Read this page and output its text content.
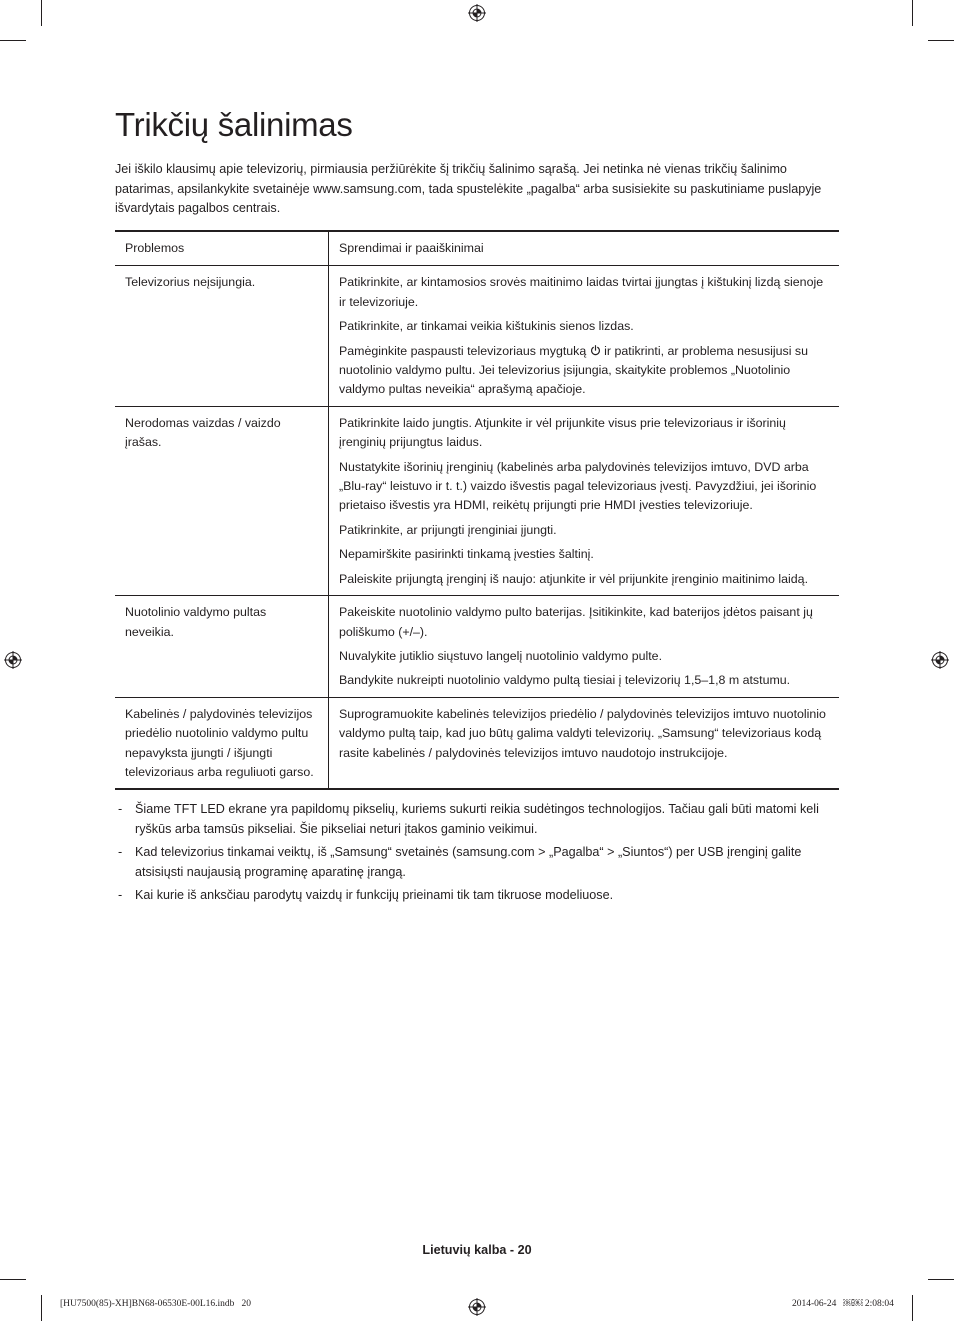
Trikčių šalinimas

Jei iškilo klausimų apie televizorių, pirmiausia peržiūrėkite šį trikčių šalinimo sąrašą. Jei netinka nė vienas trikčių šalinimo patarimas, apsilankykite svetainėje www.samsung.com, tada spustelėkite „pagalba“ arba susisiekite su paskutiniame puslapyje išvardytais pagalbos centrais.

Problemos	Sprendimai ir paaiškinimai
Televizorius neįsijungia.	Patikrinkite, ar kintamosios srovės maitinimo laidas tvirtai įjungtas į kištukinį lizdą sienoje ir televizoriuje.

Patikrinkite, ar tinkamai veikia kištukinis sienos lizdas.

Pamėginkite paspausti televizoriaus mygtuką ir patikrinti, ar problema nesusijusi su nuotolinio valdymo pultu. Jei televizorius įsijungia, skaitykite problemos „Nuotolinio valdymo pultas neveikia“ aprašymą apačioje.

Nerodomas vaizdas / vaizdo įrašas.	Patikrinkite laido jungtis. Atjunkite ir vėl prijunkite visus prie televizoriaus ir išorinių įrenginių prijungtus laidus.

Nustatykite išorinių įrenginių (kabelinės arba palydovinės televizijos imtuvo, DVD arba „Blu-ray“ leistuvo ir t. t.) vaizdo išvestis pagal televizoriaus įvestį. Pavyzdžiui, jei išorinio prietaiso išvestis yra HDMI, reikėtų prijungti prie HMDI įvesties televizoriuje.

Patikrinkite, ar prijungti įrenginiai įjungti.

Nepamirškite pasirinkti tinkamą įvesties šaltinį.

Paleiskite prijungtą įrenginį iš naujo: atjunkite ir vėl prijunkite įrenginio maitinimo laidą.

Nuotolinio valdymo pultas neveikia.	Pakeiskite nuotolinio valdymo pulto baterijas. Įsitikinkite, kad baterijos įdėtos paisant jų poliškumo (+/–).

Nuvalykite jutiklio siųstuvo langelį nuotolinio valdymo pulte.

Bandykite nukreipti nuotolinio valdymo pultą tiesiai į televizorių 1,5–1,8 m atstumu.

Kabelinės / palydovinės televizijos priedėlio nuotolinio valdymo pultu nepavyksta įjungti / išjungti televizoriaus arba reguliuoti garso.	Suprogramuokite kabelinės televizijos priedėlio / palydovinės televizijos imtuvo nuotolinio valdymo pultą taip, kad juo būtų galima valdyti televizorių. „Samsung“ televizoriaus kodą rasite kabelinės / palydovinės televizijos imtuvo naudotojo instrukcijoje.

- Šiame TFT LED ekrane yra papildomų pikselių, kuriems sukurti reikia sudėtingos technologijos. Tačiau gali būti matomi keli ryškūs arba tamsūs pikseliai. Šie pikseliai neturi įtakos gaminio veikimui.
- Kad televizorius tinkamai veiktų, iš „Samsung“ svetainės (samsung.com > „Pagalba“ > „Siuntos“) per USB įrenginį galite atsisiųsti naujausią programinę aparatinę įrangą.
- Kai kurie iš anksčiau parodytų vaizdų ir funkcijų prieinami tik tam tikruose modeliuose.
Lietuvių kalba - 20
[HU7500(85)-XH]BN68-06530E-00L16.indb   20	2014-06-24   ￼￼ 2:08:04
